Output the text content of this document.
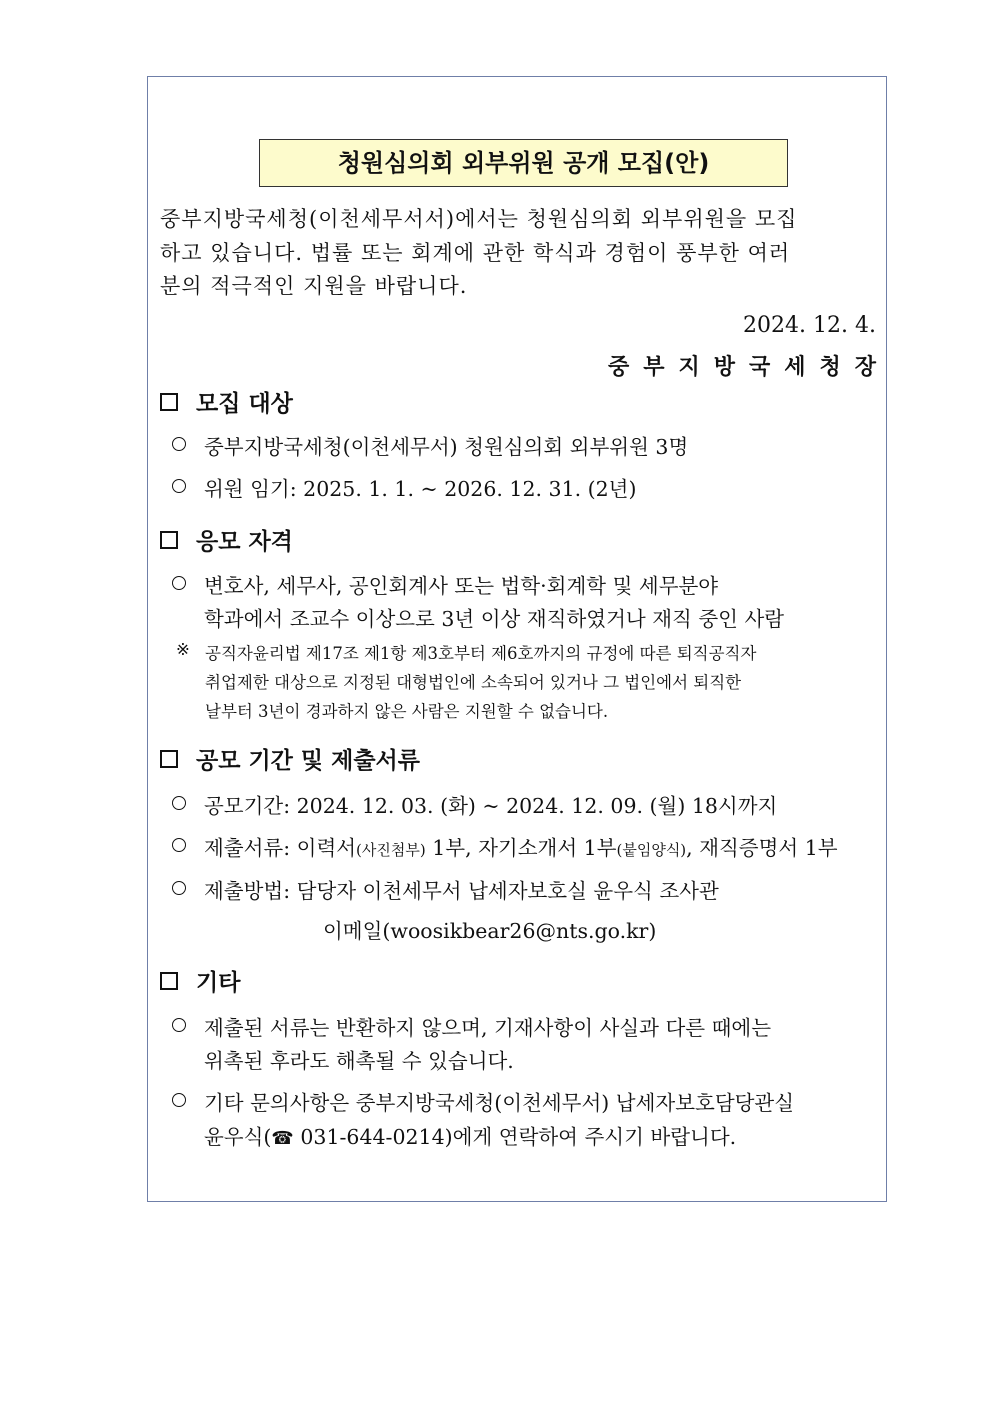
청원심의회 외부위원 공개 모집(안)
중부지방국세청(이천세무서서)에서는 청원심의회 외부위원을 모집
하고 있습니다. 법률 또는 회계에 관한 학식과 경험이 풍부한 여러
분의 적극적인 지원을 바랍니다.
2024. 12. 4.
중부지방국세청장
모집 대상
중부지방국세청(이천세무서) 청원심의회 외부위원 3명
위원 임기: 2025. 1. 1. ~ 2026. 12. 31. (2년)
응모 자격
변호사, 세무사, 공인회계사 또는 법학·회계학 및 세무분야
학과에서 조교수 이상으로 3년 이상 재직하였거나 재직 중인 사람
※ 공직자윤리법 제17조 제1항 제3호부터 제6호까지의 규정에 따른 퇴직공직자
취업제한 대상으로 지정된 대형법인에 소속되어 있거나 그 법인에서 퇴직한
날부터 3년이 경과하지 않은 사람은 지원할 수 없습니다.
공모 기간 및 제출서류
공모기간: 2024. 12. 03. (화) ~ 2024. 12. 09. (월) 18시까지
제출서류: 이력서(사진첨부) 1부, 자기소개서 1부(붙임양식), 재직증명서 1부
제출방법: 담당자 이천세무서 납세자보호실 윤우식 조사관
이메일(woosikbear26@nts.go.kr)
기타
제출된 서류는 반환하지 않으며, 기재사항이 사실과 다른 때에는
위촉된 후라도 해촉될 수 있습니다.
기타 문의사항은 중부지방국세청(이천세무서) 납세자보호담당관실
윤우식(☎ 031-644-0214)에게 연락하여 주시기 바랍니다.
